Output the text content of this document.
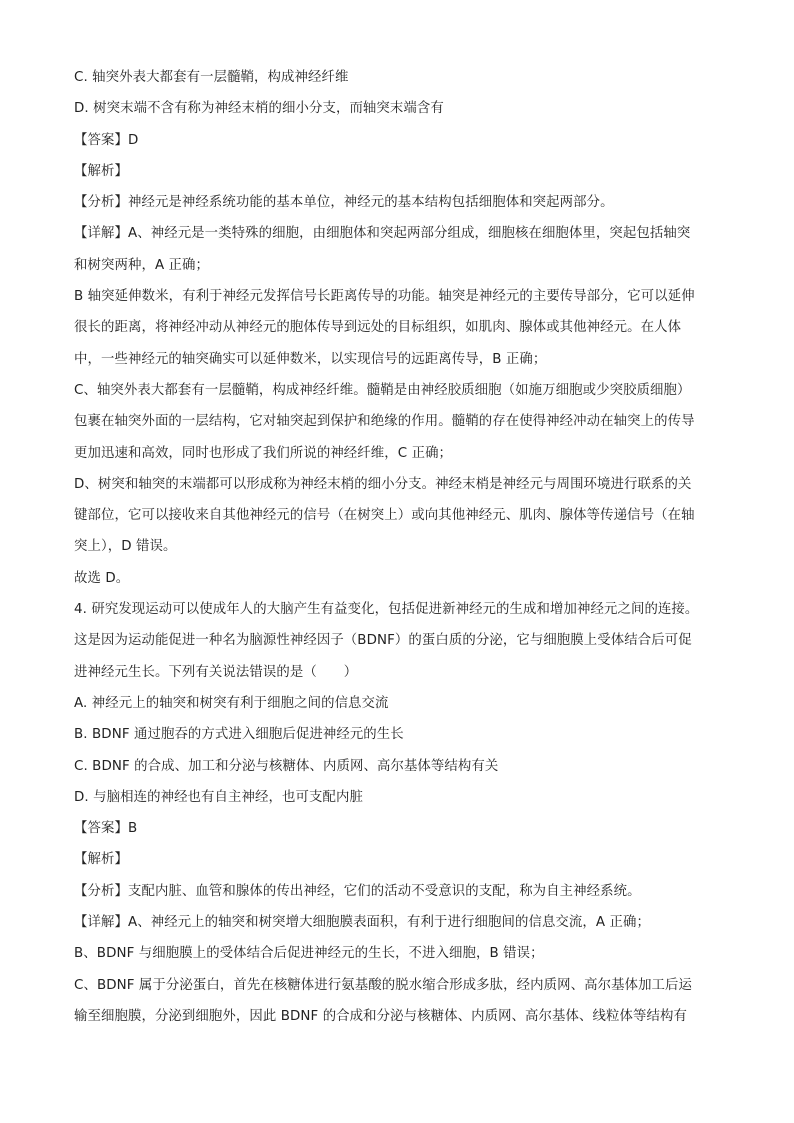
C. 轴突外表大都套有一层髓鞘，构成神经纤维
D. 树突末端不含有称为神经末梢的细小分支，而轴突末端含有
【答案】D
【解析】
【分析】神经元是神经系统功能的基本单位，神经元的基本结构包括细胞体和突起两部分。
【详解】A、神经元是一类特殊的细胞，由细胞体和突起两部分组成，细胞核在细胞体里，突起包括轴突
和树突两种，A 正确；
B 轴突延伸数米，有利于神经元发挥信号长距离传导的功能。轴突是神经元的主要传导部分，它可以延伸
很长的距离，将神经冲动从神经元的胞体传导到远处的目标组织，如肌肉、腺体或其他神经元。在人体
中，一些神经元的轴突确实可以延伸数米，以实现信号的远距离传导，B 正确；
C、轴突外表大都套有一层髓鞘，构成神经纤维。髓鞘是由神经胶质细胞（如施万细胞或少突胶质细胞）
包裹在轴突外面的一层结构，它对轴突起到保护和绝缘的作用。髓鞘的存在使得神经冲动在轴突上的传导
更加迅速和高效，同时也形成了我们所说的神经纤维，C 正确；
D、树突和轴突的末端都可以形成称为神经末梢的细小分支。神经末梢是神经元与周围环境进行联系的关
键部位，它可以接收来自其他神经元的信号（在树突上）或向其他神经元、肌肉、腺体等传递信号（在轴
突上），D 错误。
故选 D。
4. 研究发现运动可以使成年人的大脑产生有益变化，包括促进新神经元的生成和增加神经元之间的连接。
这是因为运动能促进一种名为脑源性神经因子（BDNF）的蛋白质的分泌，它与细胞膜上受体结合后可促
进神经元生长。下列有关说法错误的是（　　）
A. 神经元上的轴突和树突有利于细胞之间的信息交流
B. BDNF 通过胞吞的方式进入细胞后促进神经元的生长
C. BDNF 的合成、加工和分泌与核糖体、内质网、高尔基体等结构有关
D. 与脑相连的神经也有自主神经，也可支配内脏
【答案】B
【解析】
【分析】支配内脏、血管和腺体的传出神经，它们的活动不受意识的支配，称为自主神经系统。
【详解】A、神经元上的轴突和树突增大细胞膜表面积，有利于进行细胞间的信息交流，A 正确；
B、BDNF 与细胞膜上的受体结合后促进神经元的生长，不进入细胞，B 错误；
C、BDNF 属于分泌蛋白，首先在核糖体进行氨基酸的脱水缩合形成多肽，经内质网、高尔基体加工后运
输至细胞膜，分泌到细胞外，因此 BDNF 的合成和分泌与核糖体、内质网、高尔基体、线粒体等结构有
